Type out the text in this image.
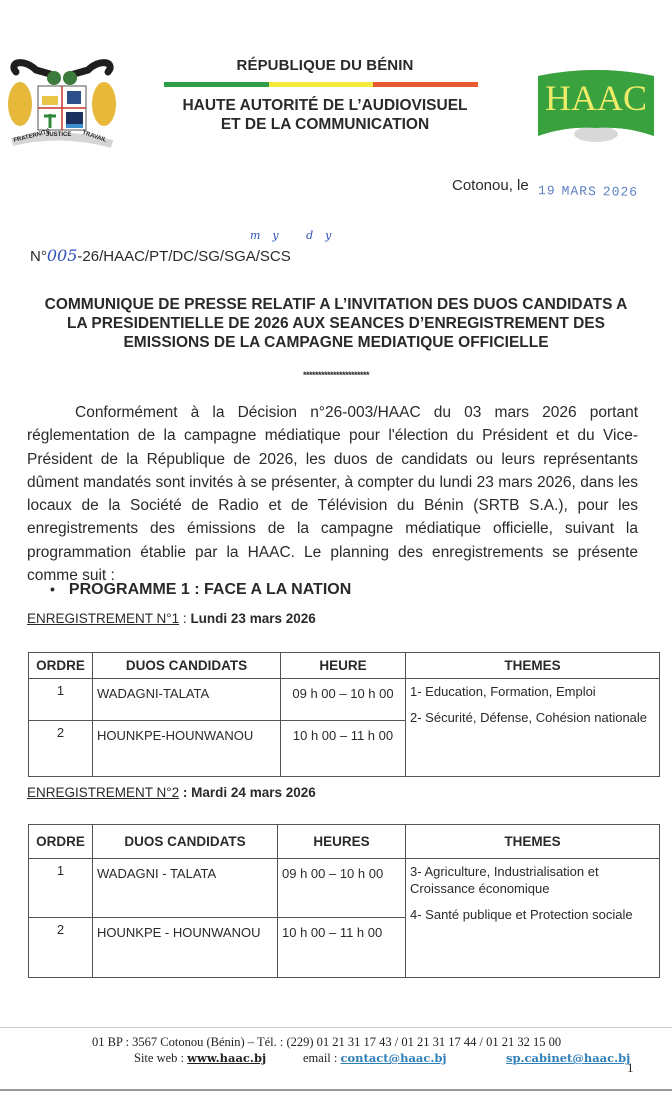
FRATERNITÉ
JUSTICE TRAVAIL
RÉPUBLIQUE DU BÉNIN
HAUTE AUTORITÉ DE L’AUDIOVISUEL
ET DE LA COMMUNICATION
HAAC
Cotonou, le 19 MARS 2026
my dy
N°005-26/HAAC/PT/DC/SG/SGA/SCS
COMMUNIQUE DE PRESSE RELATIF A L’INVITATION DES DUOS CANDIDATS A
LA PRESIDENTIELLE DE 2026 AUX SEANCES D’ENREGISTREMENT DES
EMISSIONS DE LA CAMPAGNE MEDIATIQUE OFFICIELLE
**********************
Conformément à la Décision n°26-003/HAAC du 03 mars 2026 portant réglementation de la campagne médiatique pour l'élection du Président et du Vice-Président de la République de 2026, les duos de candidats ou leurs représentants dûment mandatés sont invités à se présenter, à compter du lundi 23 mars 2026, dans les locaux de la Société de Radio et de Télévision du Bénin (SRTB S.A.), pour les enregistrements des émissions de la campagne médiatique officielle, suivant la programmation établie par la HAAC. Le planning des enregistrements se présente comme suit :
• PROGRAMME 1 : FACE A LA NATION
ENREGISTREMENT N°1 : Lundi 23 mars 2026
ORDRE	DUOS CANDIDATS	HEURE	THEMES
1	WADAGNI-TALATA	09 h 00 – 10 h 00	1- Education, Formation, Emploi

2- Sécurité, Défense, Cohésion nationale

2	HOUNKPE-HOUNWANOU	10 h 00 – 11 h 00	
ENREGISTREMENT N°2 : Mardi 24 mars 2026
ORDRE	DUOS CANDIDATS	HEURES	THEMES
1	WADAGNI - TALATA	09 h 00 – 10 h 00	3- Agriculture, Industrialisation et Croissance économique

4- Santé publique et Protection sociale

2	HOUNKPE - HOUNWANOU	10 h 00 – 11 h 00	
01 BP : 3567 Cotonou (Bénin) – Tél. : (229) 01 21 31 17 43 / 01 21 31 17 44 / 01 21 32 15 00
Site web : www.haac.bj	email : contact@haac.bj	sp.cabinet@haac.bj
1
